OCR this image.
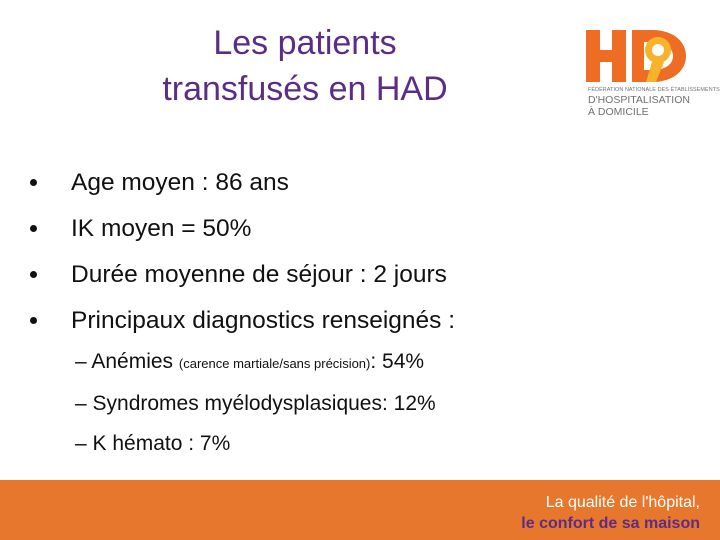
Les patients
transfusés en HAD	FÉDÉRATION NATIONALE DES ÉTABLISSEMENTS
D'HOSPITALISATION
À DOMICILE
Age moyen : 86 ans
IK moyen = 50%
Durée moyenne de séjour : 2 jours
Principaux diagnostics renseignés :
– Anémies (carence martiale/sans précision): 54%
– Syndromes myélodysplasiques: 12%
– K hémato : 7%
La qualité de l'hôpital,
le confort de sa maison
